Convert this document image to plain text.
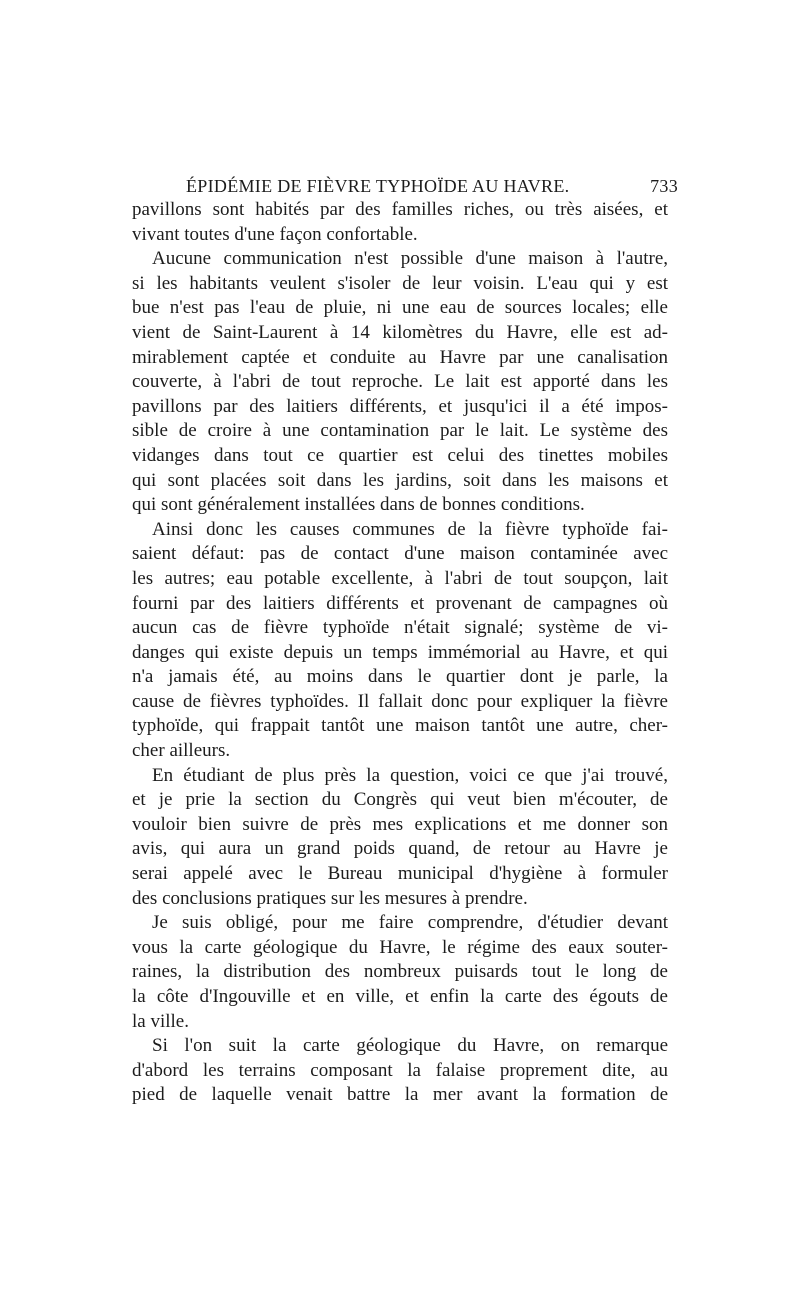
ÉPIDÉMIE DE FIÈVRE TYPHOÏDE AU HAVRE.	733
pavillons sont habités par des familles riches, ou très aisées, et
vivant toutes d'une façon confortable.
Aucune communication n'est possible d'une maison à l'autre,
si les habitants veulent s'isoler de leur voisin. L'eau qui y est
bue n'est pas l'eau de pluie, ni une eau de sources locales; elle
vient de Saint-Laurent à 14 kilomètres du Havre, elle est ad-
mirablement captée et conduite au Havre par une canalisation
couverte, à l'abri de tout reproche. Le lait est apporté dans les
pavillons par des laitiers différents, et jusqu'ici il a été impos-
sible de croire à une contamination par le lait. Le système des
vidanges dans tout ce quartier est celui des tinettes mobiles
qui sont placées soit dans les jardins, soit dans les maisons et
qui sont généralement installées dans de bonnes conditions.
Ainsi donc les causes communes de la fièvre typhoïde fai-
saient défaut: pas de contact d'une maison contaminée avec
les autres; eau potable excellente, à l'abri de tout soupçon, lait
fourni par des laitiers différents et provenant de campagnes où
aucun cas de fièvre typhoïde n'était signalé; système de vi-
danges qui existe depuis un temps immémorial au Havre, et qui
n'a jamais été, au moins dans le quartier dont je parle, la
cause de fièvres typhoïdes. Il fallait donc pour expliquer la fièvre
typhoïde, qui frappait tantôt une maison tantôt une autre, cher-
cher ailleurs.
En étudiant de plus près la question, voici ce que j'ai trouvé,
et je prie la section du Congrès qui veut bien m'écouter, de
vouloir bien suivre de près mes explications et me donner son
avis, qui aura un grand poids quand, de retour au Havre je
serai appelé avec le Bureau municipal d'hygiène à formuler
des conclusions pratiques sur les mesures à prendre.
Je suis obligé, pour me faire comprendre, d'étudier devant
vous la carte géologique du Havre, le régime des eaux souter-
raines, la distribution des nombreux puisards tout le long de
la côte d'Ingouville et en ville, et enfin la carte des égouts de
la ville.
Si l'on suit la carte géologique du Havre, on remarque
d'abord les terrains composant la falaise proprement dite, au
pied de laquelle venait battre la mer avant la formation de
